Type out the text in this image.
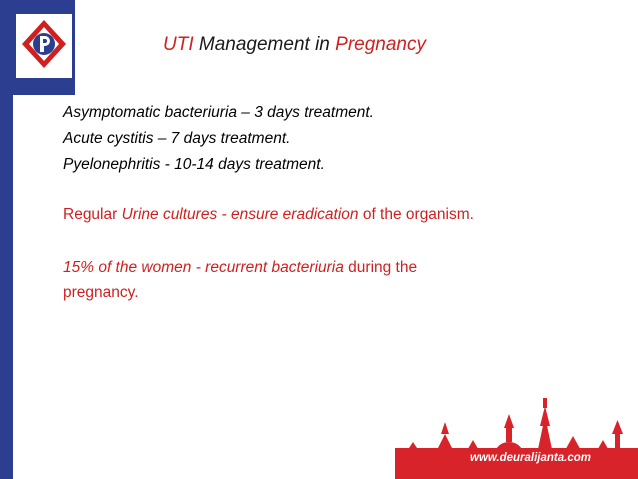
UTI Management in Pregnancy
Asymptomatic bacteriuria – 3 days treatment.
Acute cystitis – 7 days treatment.
Pyelonephritis - 10-14 days treatment.
Regular Urine cultures - ensure eradication of the organism.
15% of the women - recurrent bacteriuria during the
pregnancy.
www.deuralijanta.com
